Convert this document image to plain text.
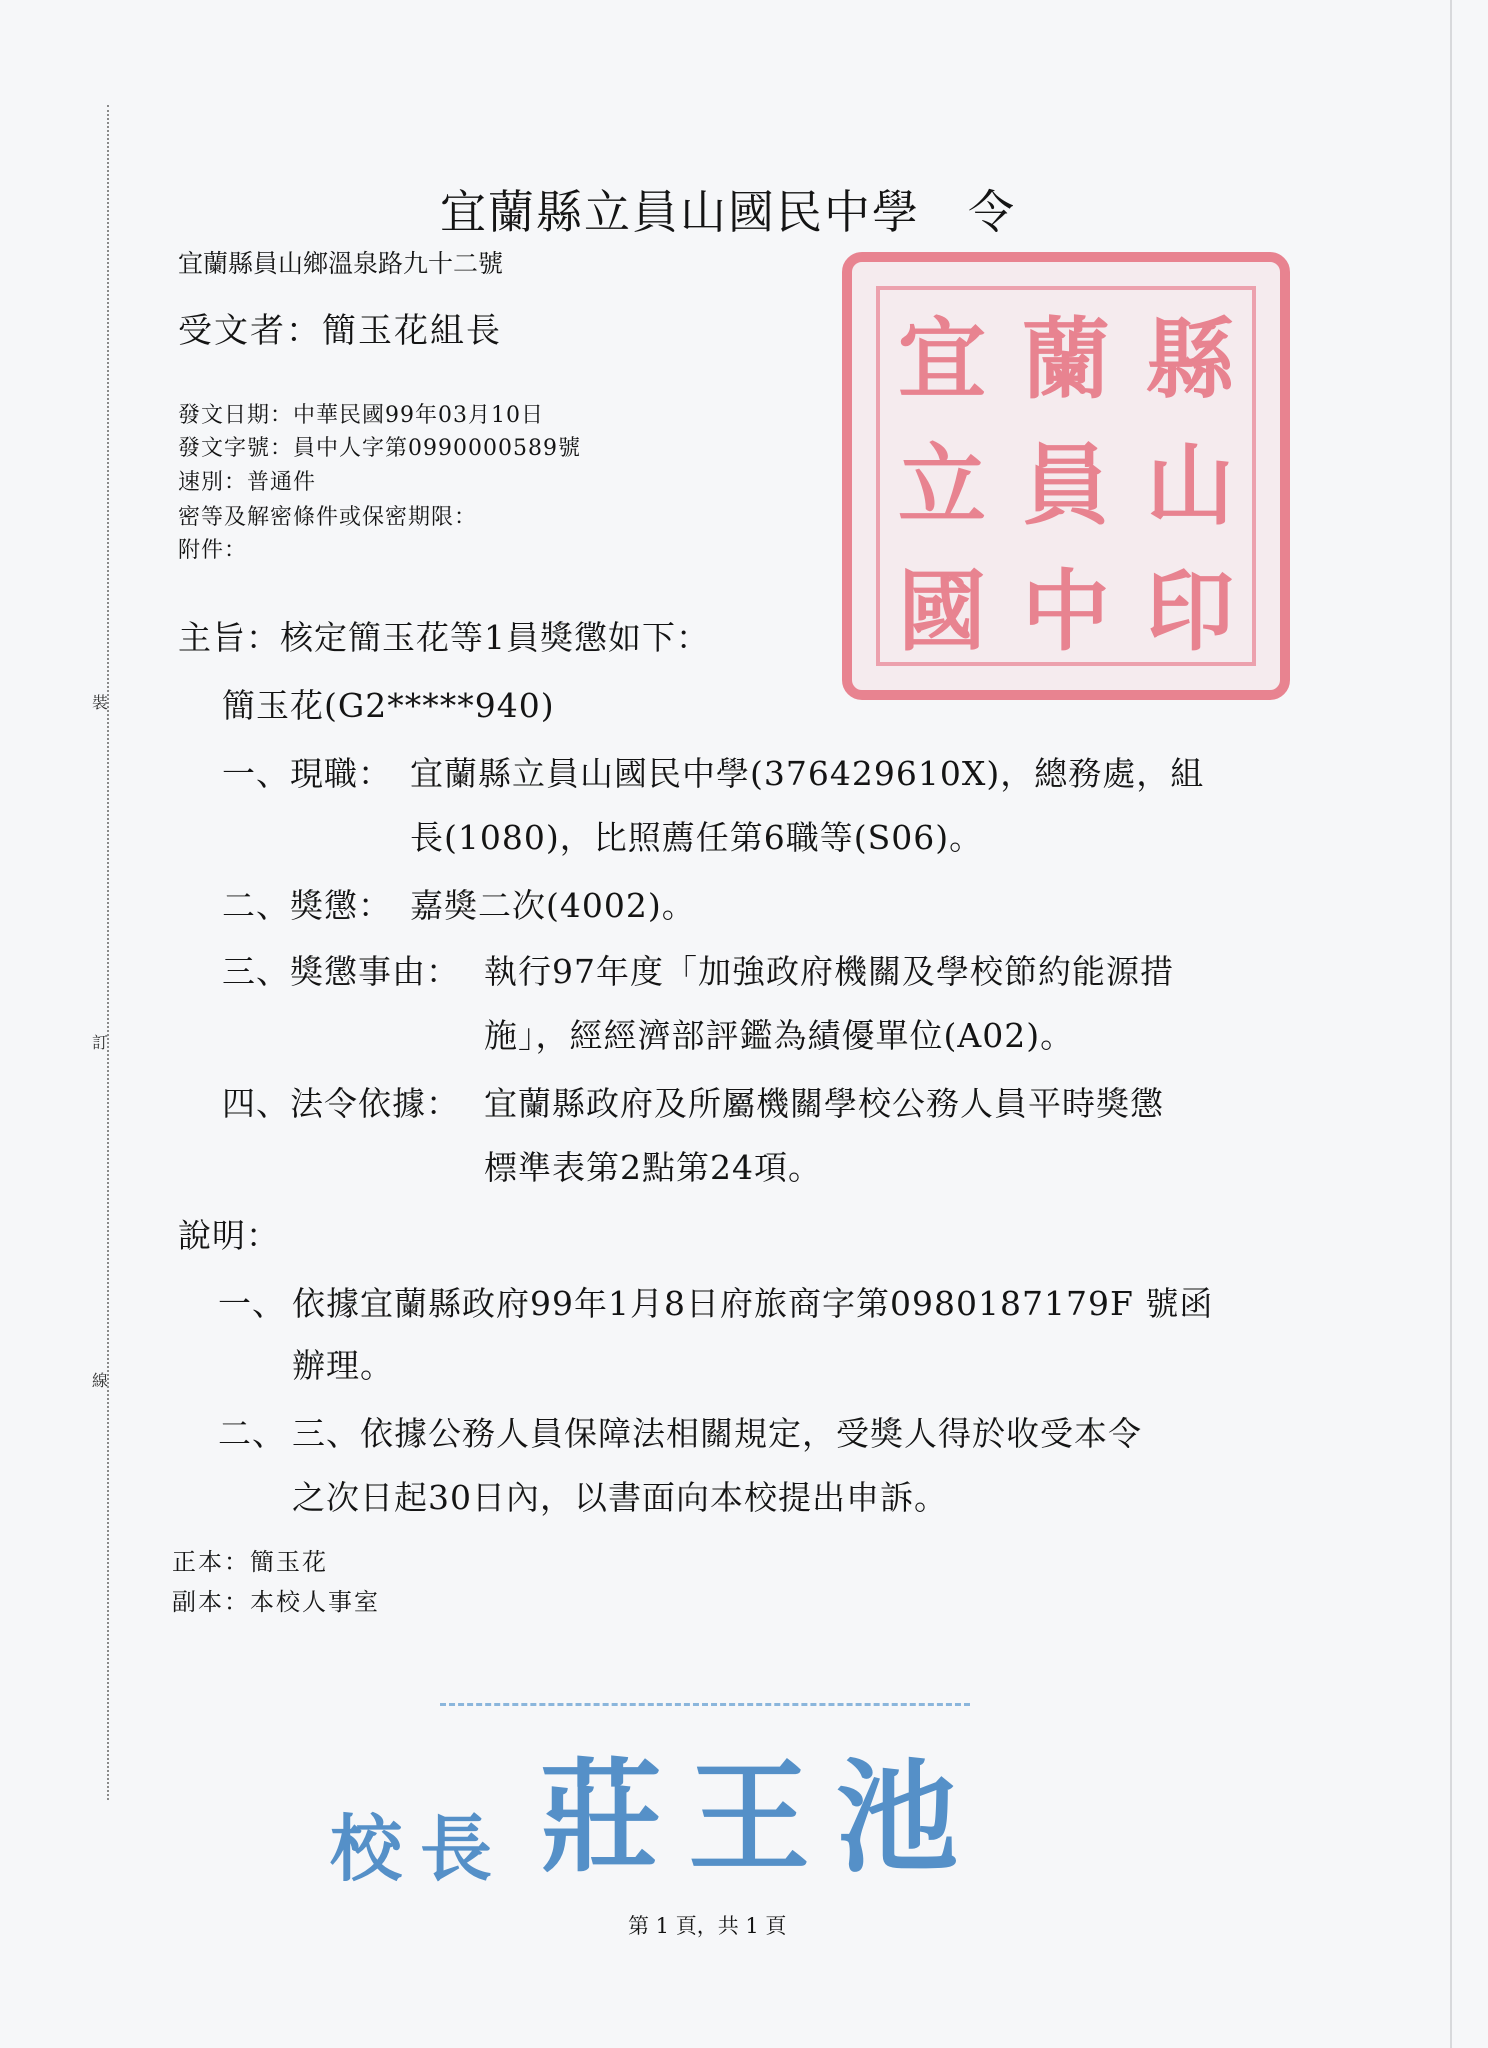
裝
訂
線
宜蘭縣立員山國民中學　令
宜蘭縣員山鄉溫泉路九十二號
受文者：簡玉花組長
發文日期：中華民國99年03月10日
發文字號：員中人字第0990000589號
速別：普通件
密等及解密條件或保密期限：
附件：
宜 蘭 縣
立 員 山
國 中 印
主旨：核定簡玉花等1員獎懲如下：
簡玉花(G2*****940)
一、現職： 宜蘭縣立員山國民中學(376429610X)，總務處，組
長(1080)，比照薦任第6職等(S06)。
二、獎懲： 嘉獎二次(4002)。
三、獎懲事由： 執行97年度「加強政府機關及學校節約能源措
施」，經經濟部評鑑為績優單位(A02)。
四、法令依據： 宜蘭縣政府及所屬機關學校公務人員平時獎懲
標準表第2點第24項。
說明：
一、 依據宜蘭縣政府99年1月8日府旅商字第0980187179F 號函
辦理。
二、 三、依據公務人員保障法相關規定，受獎人得於收受本令
之次日起30日內，以書面向本校提出申訴。
正本：簡玉花
副本：本校人事室
校長 莊王池
第 1 頁，共 1 頁
